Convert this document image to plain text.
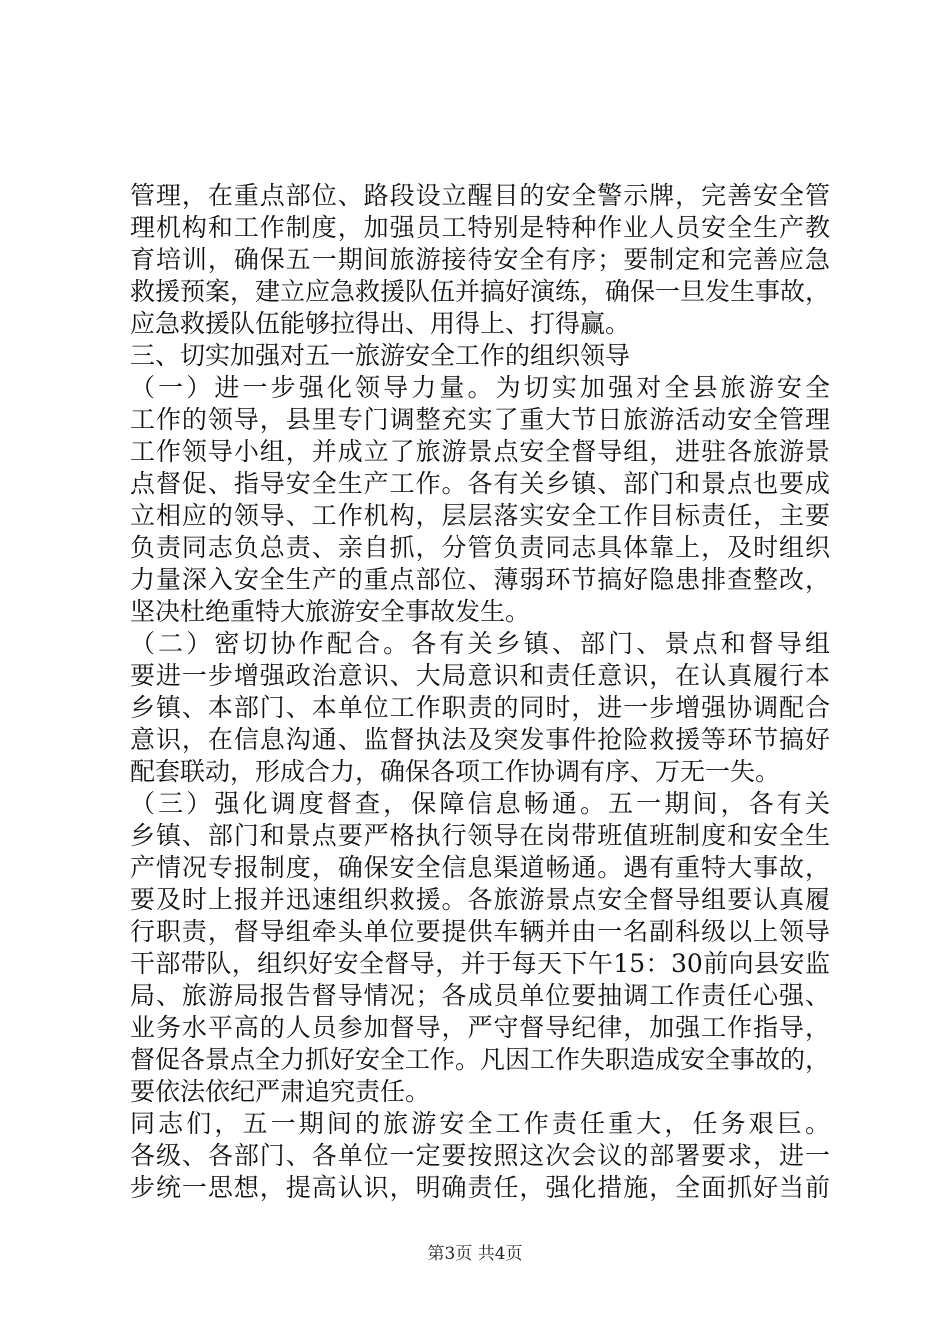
管理，在重点部位、路段设立醒目的安全警示牌，完善安全管
理机构和工作制度，加强员工特别是特种作业人员安全生产教
育培训，确保五一期间旅游接待安全有序；要制定和完善应急
救援预案，建立应急救援队伍并搞好演练，确保一旦发生事故，
应急救援队伍能够拉得出、用得上、打得赢。
三、切实加强对五一旅游安全工作的组织领导
（一）进一步强化领导力量。为切实加强对全县旅游安全
工作的领导，县里专门调整充实了重大节日旅游活动安全管理
工作领导小组，并成立了旅游景点安全督导组，进驻各旅游景
点督促、指导安全生产工作。各有关乡镇、部门和景点也要成
立相应的领导、工作机构，层层落实安全工作目标责任，主要
负责同志负总责、亲自抓，分管负责同志具体靠上，及时组织
力量深入安全生产的重点部位、薄弱环节搞好隐患排查整改，
坚决杜绝重特大旅游安全事故发生。
（二）密切协作配合。各有关乡镇、部门、景点和督导组
要进一步增强政治意识、大局意识和责任意识，在认真履行本
乡镇、本部门、本单位工作职责的同时，进一步增强协调配合
意识，在信息沟通、监督执法及突发事件抢险救援等环节搞好
配套联动，形成合力，确保各项工作协调有序、万无一失。
（三）强化调度督查，保障信息畅通。五一期间，各有关
乡镇、部门和景点要严格执行领导在岗带班值班制度和安全生
产情况专报制度，确保安全信息渠道畅通。遇有重特大事故，
要及时上报并迅速组织救援。各旅游景点安全督导组要认真履
行职责，督导组牵头单位要提供车辆并由一名副科级以上领导
干部带队，组织好安全督导，并于每天下午15：30前向县安监
局、旅游局报告督导情况；各成员单位要抽调工作责任心强、
业务水平高的人员参加督导，严守督导纪律，加强工作指导，
督促各景点全力抓好安全工作。凡因工作失职造成安全事故的，
要依法依纪严肃追究责任。
同志们，五一期间的旅游安全工作责任重大，任务艰巨。
各级、各部门、各单位一定要按照这次会议的部署要求，进一
步统一思想，提高认识，明确责任，强化措施，全面抓好当前
第3页 共4页
